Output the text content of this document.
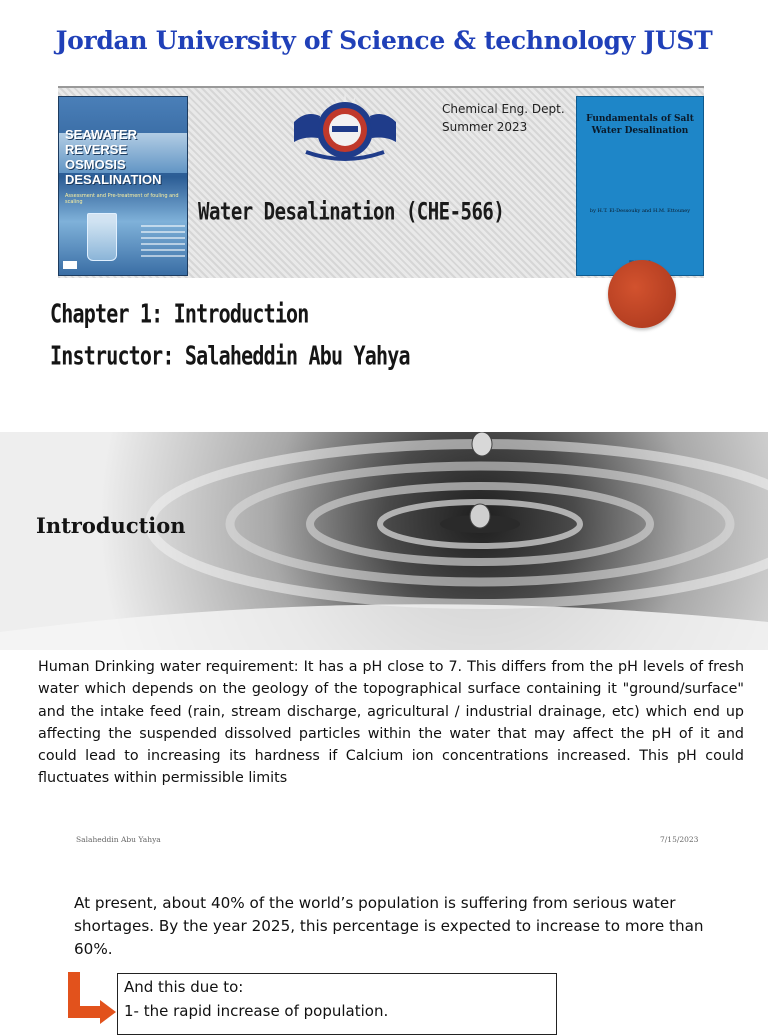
Jordan University of Science & technology JUST
SEAWATER REVERSE OSMOSIS DESALINATION
Assessment and Pre-treatment of fouling and scaling
Chemical Eng. Dept.
Summer 2023
Water Desalination (CHE-566)
Fundamentals of Salt Water Desalination
by H.T. El-Dessouky and H.M. Ettouney
Chapter 1: Introduction
Instructor: Salaheddin Abu Yahya
Introduction
Human Drinking water requirement: It has a pH close to 7. This differs from the pH levels of fresh water which depends on the geology of the topographical surface containing it "ground/surface" and the intake feed (rain, stream discharge, agricultural / industrial drainage, etc) which end up affecting the suspended dissolved particles within the water that may affect the pH of it and could lead to increasing its hardness if Calcium ion concentrations increased. This pH could fluctuates within permissible limits
Salaheddin Abu Yahya	7/15/2023
At present, about 40% of the world’s population is suffering from serious water shortages. By the year 2025, this percentage is expected to increase to more than 60%.
And this due to:
1- the rapid increase of population.
